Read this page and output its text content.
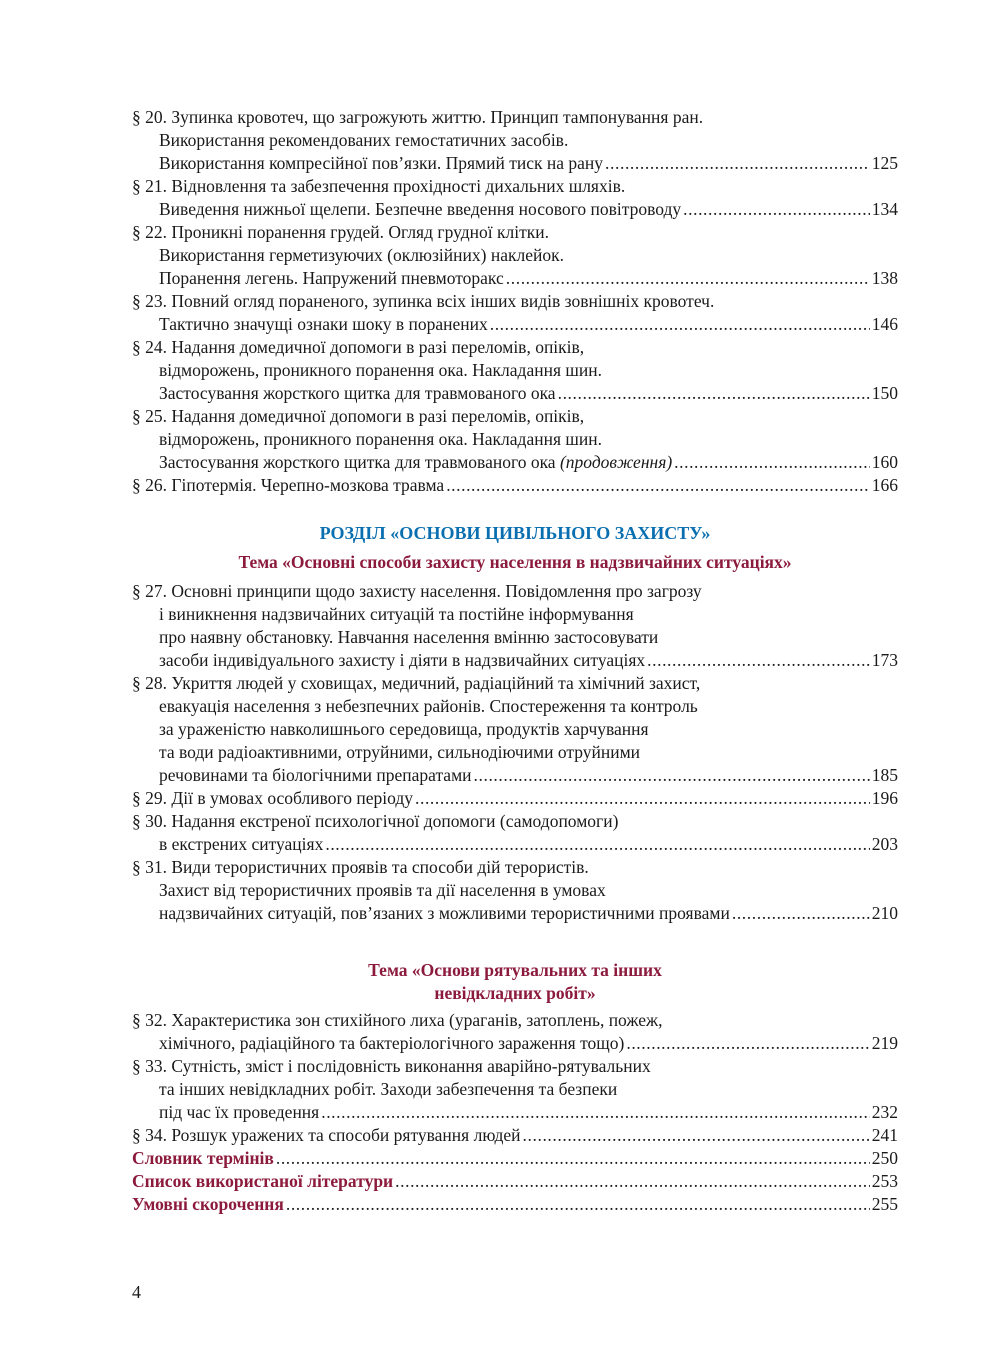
§ 20. Зупинка кровотеч, що загрожують життю. Принцип тампонування ран.
Використання рекомендованих гемостатичних засобів.
Використання компресійної пов’язки. Прямий тиск на рану .....	125
§ 21. Відновлення та забезпечення прохідності дихальних шляхів.
Виведення нижньої щелепи. Безпечне введення носового повітроводу .....	134
§ 22. Проникні поранення грудей. Огляд грудної клітки.
Використання герметизуючих (оклюзійних) наклейок.
Поранення легень. Напружений пневмоторакс .....	138
§ 23. Повний огляд пораненого, зупинка всіх інших видів зовнішніх кровотеч.
Тактично значущі ознаки шоку в поранених .....	146
§ 24. Надання домедичної допомоги в разі переломів, опіків,
відморожень, проникного поранення ока. Накладання шин.
Застосування жорсткого щитка для травмованого ока .....	150
§ 25. Надання домедичної допомоги в разі переломів, опіків,
відморожень, проникного поранення ока. Накладання шин.
Застосування жорсткого щитка для травмованого ока (продовження) .....	160
§ 26. Гіпотермія. Черепно-мозкова травма .....	166
РОЗДІЛ «ОСНОВИ ЦИВІЛЬНОГО ЗАХИСТУ»
Тема «Основні способи захисту населення в надзвичайних ситуаціях»
§ 27. Основні принципи щодо захисту населення. Повідомлення про загрозу
і виникнення надзвичайних ситуацій та постійне інформування
про наявну обстановку. Навчання населення вмінню застосовувати
засоби індивідуального захисту і діяти в надзвичайних ситуаціях .....	173
§ 28. Укриття людей у сховищах, медичний, радіаційний та хімічний захист,
евакуація населення з небезпечних районів. Спостереження та контроль
за ураженістю навколишнього середовища, продуктів харчування
та води радіоактивними, отруйними, сильнодіючими отруйними
речовинами та біологічними препаратами .....	185
§ 29. Дії в умовах особливого періоду .....	196
§ 30. Надання екстреної психологічної допомоги (самодопомоги)
в екстрених ситуаціях .....	203
§ 31. Види терористичних проявів та способи дій терористів.
Захист від терористичних проявів та дії населення в умовах
надзвичайних ситуацій, пов’язаних з можливими терористичними проявами .....	210
Тема «Основи рятувальних та інших
невідкладних робіт»
§ 32. Характеристика зон стихійного лиха (ураганів, затоплень, пожеж,
хімічного, радіаційного та бактеріологічного зараження тощо) .....	219
§ 33. Сутність, зміст і послідовність виконання аварійно-рятувальних
та інших невідкладних робіт. Заходи забезпечення та безпеки
під час їх проведення .....	232
§ 34. Розшук уражених та способи рятування людей .....	241
Словник термінів .....	250
Список використаної літератури .....	253
Умовні скорочення .....	255
4
